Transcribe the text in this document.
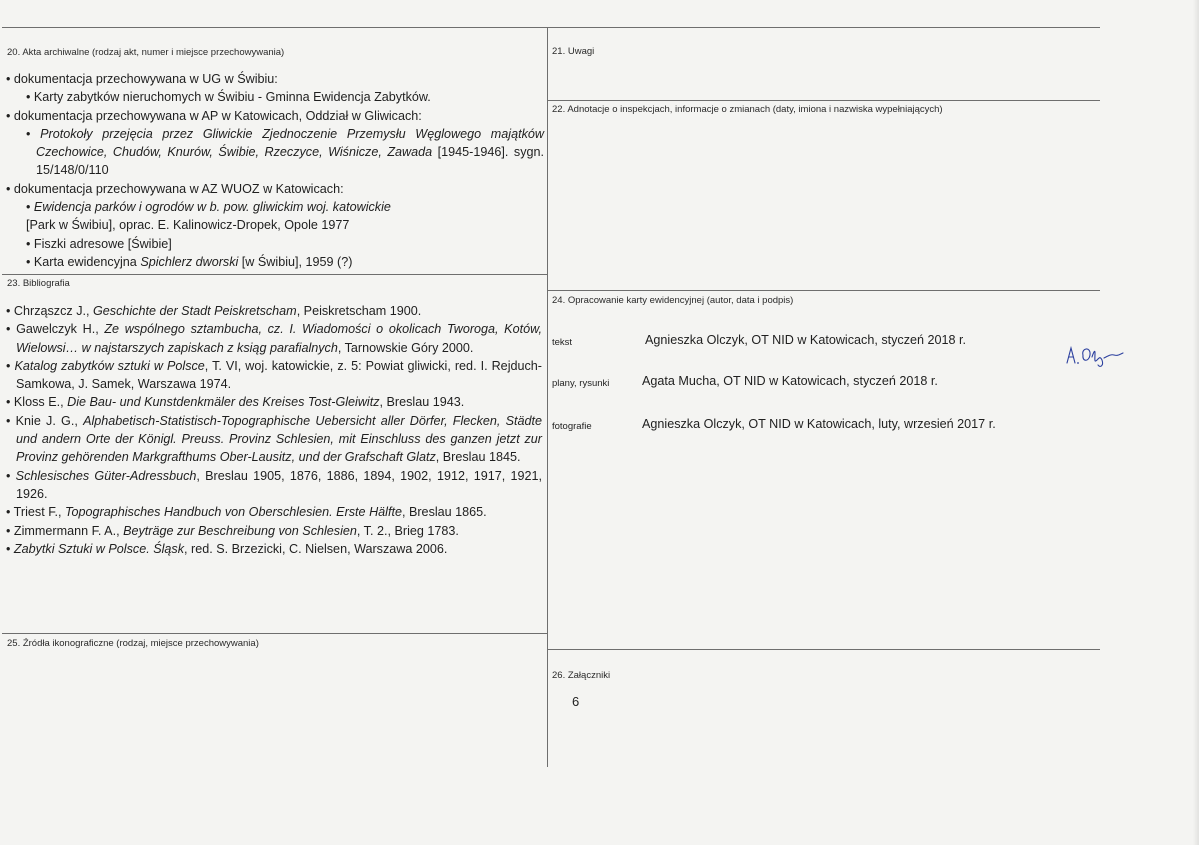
20. Akta archiwalne (rodzaj akt, numer i miejsce przechowywania)	21. Uwagi
22. Adnotacje o inspekcjach, informacje o zmianach (daty, imiona i nazwiska wypełniających)
23. Bibliografia
24. Opracowanie karty ewidencyjnej (autor, data i podpis)
25. Źródła ikonograficzne (rodzaj, miejsce przechowywania)
26. Załączniki

• dokumentacja przechowywana w UG w Świbiu:

• Karty zabytków nieruchomych w Świbiu - Gminna Ewidencja Zabytków.

• dokumentacja przechowywana w AP w Katowicach, Oddział w Gliwicach:

• Protokoły przejęcia przez Gliwickie Zjednoczenie Przemysłu Węglowego majątków Czechowice, Chudów, Knurów, Świbie, Rzeczyce, Wiśnicze, Zawada [1945-1946]. sygn. 15/148/0/110

• dokumentacja przechowywana w AZ WUOZ w Katowicach:

• Ewidencja parków i ogrodów w b. pow. gliwickim woj. katowickie

[Park w Świbiu], oprac. E. Kalinowicz-Dropek, Opole 1977

• Fiszki adresowe [Świbie]

• Karta ewidencyjna Spichlerz dworski [w Świbiu], 1959 (?)

• Chrząszcz J., Geschichte der Stadt Peiskretscham, Peiskretscham 1900.

• Gawelczyk H., Ze wspólnego sztambucha, cz. I. Wiadomości o okolicach Tworoga, Kotów, Wielowsi… w najstarszych zapiskach z ksiąg parafialnych, Tarnowskie Góry 2000.

• Katalog zabytków sztuki w Polsce, T. VI, woj. katowickie, z. 5: Powiat gliwicki, red. I. Rejduch-Samkowa, J. Samek, Warszawa 1974.

• Kloss E., Die Bau- und Kunstdenkmäler des Kreises Tost-Gleiwitz, Breslau 1943.

• Knie J. G., Alphabetisch-Statistisch-Topographische Uebersicht aller Dörfer, Flecken, Städte und andern Orte der Königl. Preuss. Provinz Schlesien, mit Einschluss des ganzen jetzt zur Provinz gehörenden Markgrafthums Ober-Lausitz, und der Grafschaft Glatz, Breslau 1845.

• Schlesisches Güter-Adressbuch, Breslau 1905, 1876, 1886, 1894, 1902, 1912, 1917, 1921, 1926.

• Triest F., Topographisches Handbuch von Oberschlesien. Erste Hälfte, Breslau 1865.

• Zimmermann F. A., Beyträge zur Beschreibung von Schlesien, T. 2., Brieg 1783.

• Zabytki Sztuki w Polsce. Śląsk, red. S. Brzezicki, C. Nielsen, Warszawa 2006.

tekst	Agnieszka Olczyk, OT NID w Katowicach, styczeń 2018 r.
plany, rysunki	Agata Mucha, OT NID w Katowicach, styczeń 2018 r.
fotografie	Agnieszka Olczyk, OT NID w Katowicach, luty, wrzesień 2017 r.
6
